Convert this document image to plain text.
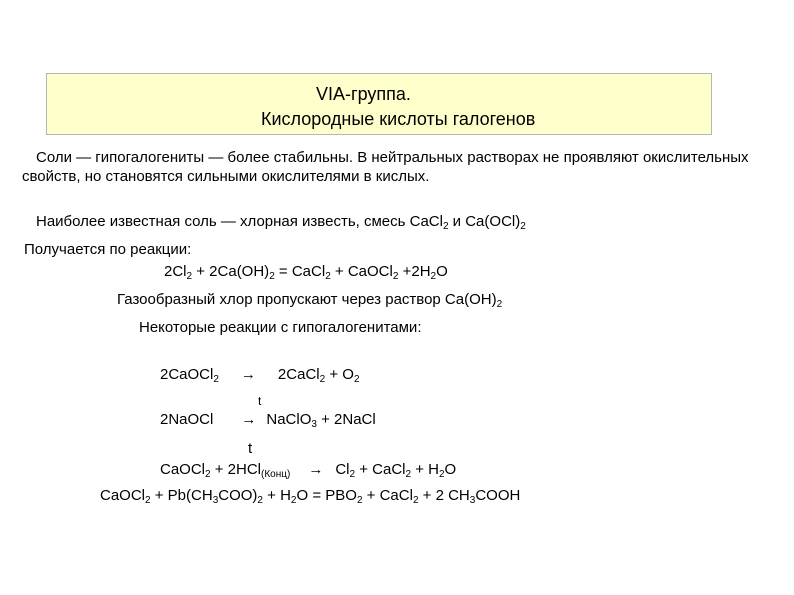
VIA-группа.
Кислородные кислоты галогенов
Соли — гипогалогениты — более стабильны. В нейтральных растворах не проявляют окислительных свойств, но становятся сильными окислителями в кислых.
Наиболее известная соль — хлорная известь, смесь CaCl$_2$ и $Ca(OCl)_2$
Получается по реакции:
$2Cl_2 + 2Ca(OH)_2$ = CaCl$_2$ + CaOCl$_2$ $+2H_2O$
Газообразный хлор пропускают через раствор $Ca(OH)_2$
Некоторые реакции с гипогалогенитами:
2CaOCl$_2$ → 2CaCl$_2$ + $O_2$
t
2NaOCl → NaClO$_3$ + 2NaCl
t
CaOCl$_2$ + $2HCl_{(Конц)} \to Cl_2$ + CaCl$_2$ + $H_2O$
CaOCl$_2$ + $Pb(CH_3COO)_2 + H_2O = PBO_2$ + CaCl$_2$ + 2 $CH_3COOH$
